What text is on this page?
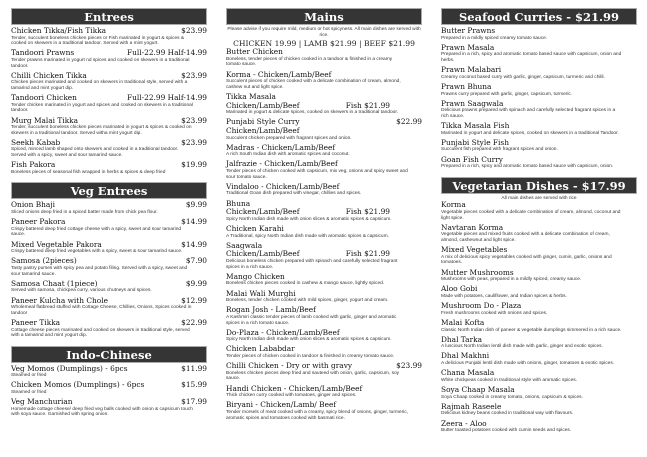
Entrees
Chicken Tikka/Fish Tikka	$23.99
Tender, succulent boneless chicken pieces or Fish marinated in yogurt & spices & cooked on skewers in a traditional tandoor. Served with a mint yogurt.
Tandoori Prawns	Full-22.99 Half-14.99
Tender prawns marinated in yogurt nd spices and cooked on skewers in a traditional tandoor.
Chilli Chicken Tikka	$23.99
Chicken pieces marinated and cooked on skewers in traditional style, served with a tamarind and mint yogurt dip.
Tandoori Chicken	Full-22.99 Half-14.99
Tender chicken marinated in yogurt and spices and cooked on skewers in a traditional tandoor.
Murg Malai Tikka	$23.99
Tender, succulent boneless chicken pieces marinated in yogurt & spices & cooked on skewers in a traditional tandoor. Served witha mint yogurt dip.
Seekh Kabab	$23.99
Spiced, minced lamb shaped onto skewers and cooked in a traditional tandoor. Served with a spicy, sweet and sour tamarind sauce.
Fish Pakora	$19.99
Boneless pieces of seasonal fish wrapped in herbs & spices & deep fried
Veg Entrees
Onion Bhaji	$9.99
Sliced onions deep fried in a spiced batter made from chick pea flour.
Paneer Pakora	$14.99
Crispy battered deep fried cottage cheese with a spicy, sweet and sour tamarind sauce.
Mixed Vegetable Pakora	$14.99
Crispy battered deep fried vegetables with a spicy, sweet & sour tamarind sauce.
Samosa (2pieces)	$7.90
Tasty pastry purses with spicy pea and potato filing. Served with a spicy, sweet and sour tamarind sauce.
Samosa Chaat (1piece)	$9.99
Served with samosa, chickpea curry, various chutneys and spices.
Paneer Kulcha with Chole	$12.99
Wholemeal flatbread stuffed with Cottage Cheese, Chillies, Onions, Spices cooked in tandoor
Paneer Tikka	$22.99
Cottage cheese pieces marinated and cooked on skewers in traditional style, served with a tamarind and mint yogurt dip.
Indo-Chinese
Veg Momos (Dumplings) - 6pcs	$11.99
Steamed or fried
Chicken Momos (Dumplings) - 6pcs	$15.99
Steamed or fried
Veg Manchurian	$17.99
Homemade cottage cheese/ deep fried veg balls cooked with onion & capsicum touch with soya sauce. Garnished with spring onion.
Mains
Please advise if you require mild, medium or hot spicyness. All main dishes are served with rice.
CHICKEN 19.99 | LAMB $21.99 | BEEF $21.99
Butter Chicken
Boneless, tender pieces of chicken cooked in a tandoor & finished in a creamy tomato sauce.
Korma - Chicken/Lamb/Beef
Succulent pieces of chicken cooked with a delicate combination of cream, almond, cashew nut and light spice.
Tikka Masala
Chicken/Lamb/Beef	Fish $21.99
Marinated in yogurt & delicate spices, cooked on skewers in a traditional tandoor.
Punjabi Style Curry	$22.99
Chicken/Lamb/Beef
Succulent chicken prepared with fragrant spices and onion.
Madras - Chicken/Lamb/Beef
A rich South Indian dish with aromatic spices and coconut.
Jalfrazie - Chicken/Lamb/Beef
Tender pieces of chicken cooked with capsicum, mix veg, onions and spicy sweet and sour tomato sauce.
Vindaloo - Chicken/Lamb/Beef
Traditional Goan dish prepared with vinegar, chillies and spices.
Bhuna
Chicken/Lamb/Beef	Fish $21.99
Spicy North Indian dish made with onion slices & aromatic spices & capsicum.
Chicken Karahi
A Traditional, spicy North Indian dish made with aromatic spices & capsicum.
Saagwala
Chicken/Lamb/Beef	Fish $21.99
Delicious boneless chicken prepared with spinach and carefully selected fragrant spices in a rich sauce.
Mango Chicken
Boneless chicken pieces cooked in cashew & mango sauce, lightly spiced.
Malai Wali Murghi
Boneless, tender chicken cooked with mild spices, ginger, yogurt and cream.
Rogan Josh - Lamb/Beef
A Kashmiri classic tender pieces of lamb cooked with garlic, ginger and aromatic spices in a rich tomato sauce.
Do-Plaza - Chicken/Lamb/Beef
Spicy North Indian dish made with onion slices & aromatic spices & capsicum.
Chicken Lababdar
Tender pieces of chicken cooked in tandoor & finished in creamy tomato sauce.
Chilli Chicken - Dry or with gravy	$23.99
Boneless chicken pieces deep fried and sauteed with onion, garlic, capsicum, soy sauce.
Handi Chicken - Chicken/Lamb/Beef
Thick chicken curry cooked with tomatoes, ginger and spices.
Biryani - Chicken/Lamb/ Beef
Tender morsels of meat cooked with a creamy, spicy blend of onions, ginger, turmeric, aromatic spices and tomatoes cooked with basmati rice.
Seafood Curries - $21.99
Butter Prawns
Prepared in a mildly spiced creamy tomato sauce.
Prawn Masala
Prepared in a rich, spicy and aromatic tomato based sauce with capsicum, onion and herbs.
Prawn Malabari
Creamy coconut based curry with garlic, ginger, capsicum, turmeric and chilli.
Prawn Bhuna
Prawns curry prepared with garlic, ginger, capsicum, turmeric.
Prawn Saagwala
Delicious prawns prepared with spinach and carefully selected fragrant spices in a rich sauce.
Tikka Masala Fish
Marinated in yogurt and delicate spices, cooked on skewers in a traditional Tandoor.
Punjabi Style Fish
Succulent fish prepared with fragrant spices and onion.
Goan Fish Curry
Prepared in a rich, spicy and aromatic tomato based sauce with capsicum, onion.
Vegetarian Dishes - $17.99
All main dishes are served with rice
Korma
Vegetable pieces cooked with a delicate combination of cream, almond, coconut and light spice.
Navtaran Korma
Vegetable pieces and mixed fruits cooked with a delicate combination of cream, almond, cashewnut and light spice.
Mixed Vegetables
A mix of delicious spicy vegetables cooked with ginger, cumin, garlic, onions and tomatoes.
Mutter Mushrooms
Mushrooms with peas, prepared in a mildly spiced, creamy sauce.
Aloo Gobi
Made with potatoes, cauliflower, and Indian spices & herbs.
Mushroom Do - Plaza
Fresh mushrooms cooked with onions and spices.
Malai Kofta
Classic North Indian dish of paneer & vegetable dumplings simmered in a rich sauce.
Dhal Tarka
A luscious North Indian lentil dish made with garlic, ginger and exotic spices.
Dhal Makhni
A delicious Punjabi lentil dish made with onions, ginger, tomatoes & exotic spices.
Chana Masala
White chickpeas cooked in traditional style with aromatic spices.
Soya Chaap Masala
Soya Chaap cooked in creamy tomato, onions, capsicum & spices.
Rajmah Raseele
Delicious kidney beans cooked in traditional way with flavours.
Zeera - Aloo
Butter toasted potatoes cooked with cumin seeds and spices.
